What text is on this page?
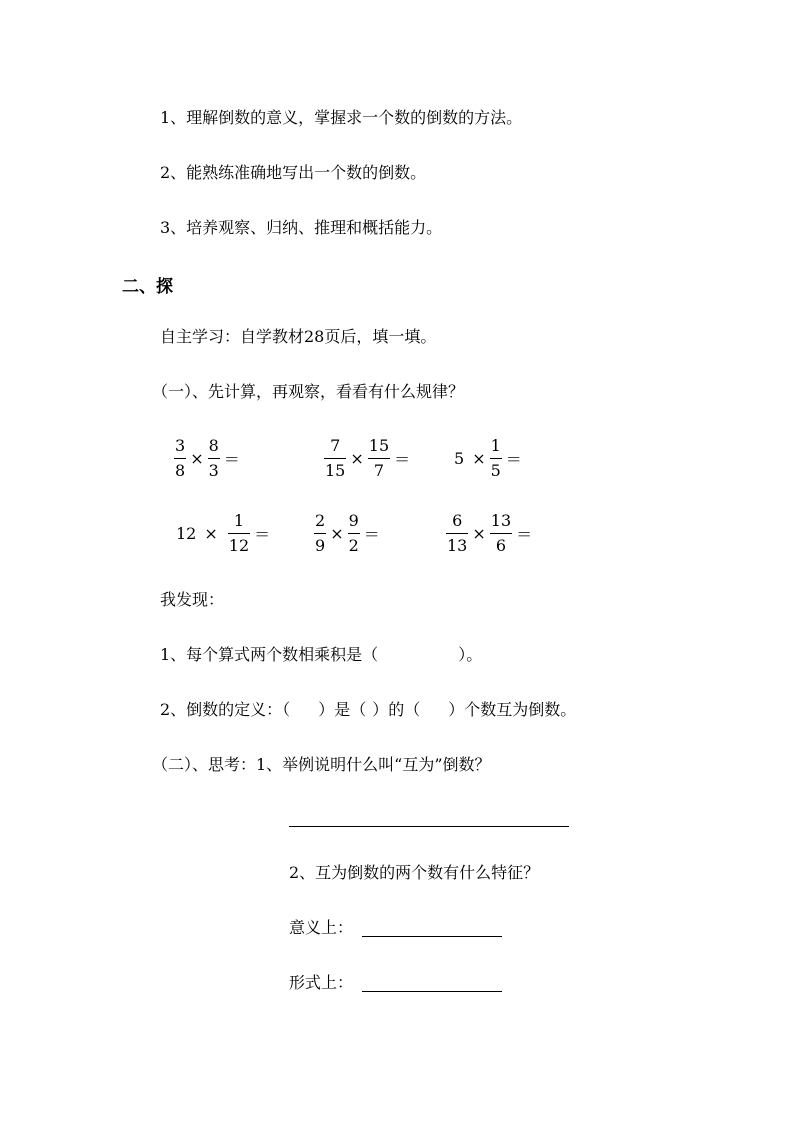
1、理解倒数的意义，掌握求一个数的倒数的方法。
2、能熟练准确地写出一个数的倒数。
3、培养观察、归纳、推理和概括能力。
二、探
自主学习：自学教材28页后，填一填。
（一）、先计算，再观察，看看有什么规律？
$\frac{3}{8} \times \frac{8}{3}$ ＝	$\frac{7}{15} \times \frac{15}{7}$ ＝	$5 \times \frac{1}{5}$ ＝
$12 \times \frac{1}{12}$ ＝	$\frac{2}{9} \times \frac{9}{2}$ ＝	$\frac{6}{13} \times \frac{13}{6}$ ＝
我发现：
1、每个算式两个数相乘积是（	）。
2、倒数的定义：（ ）是（ ）的（ ）个数互为倒数。
（二）、思考：1、举例说明什么叫“互为”倒数？
2、互为倒数的两个数有什么特征？
意义上：
形式上：
